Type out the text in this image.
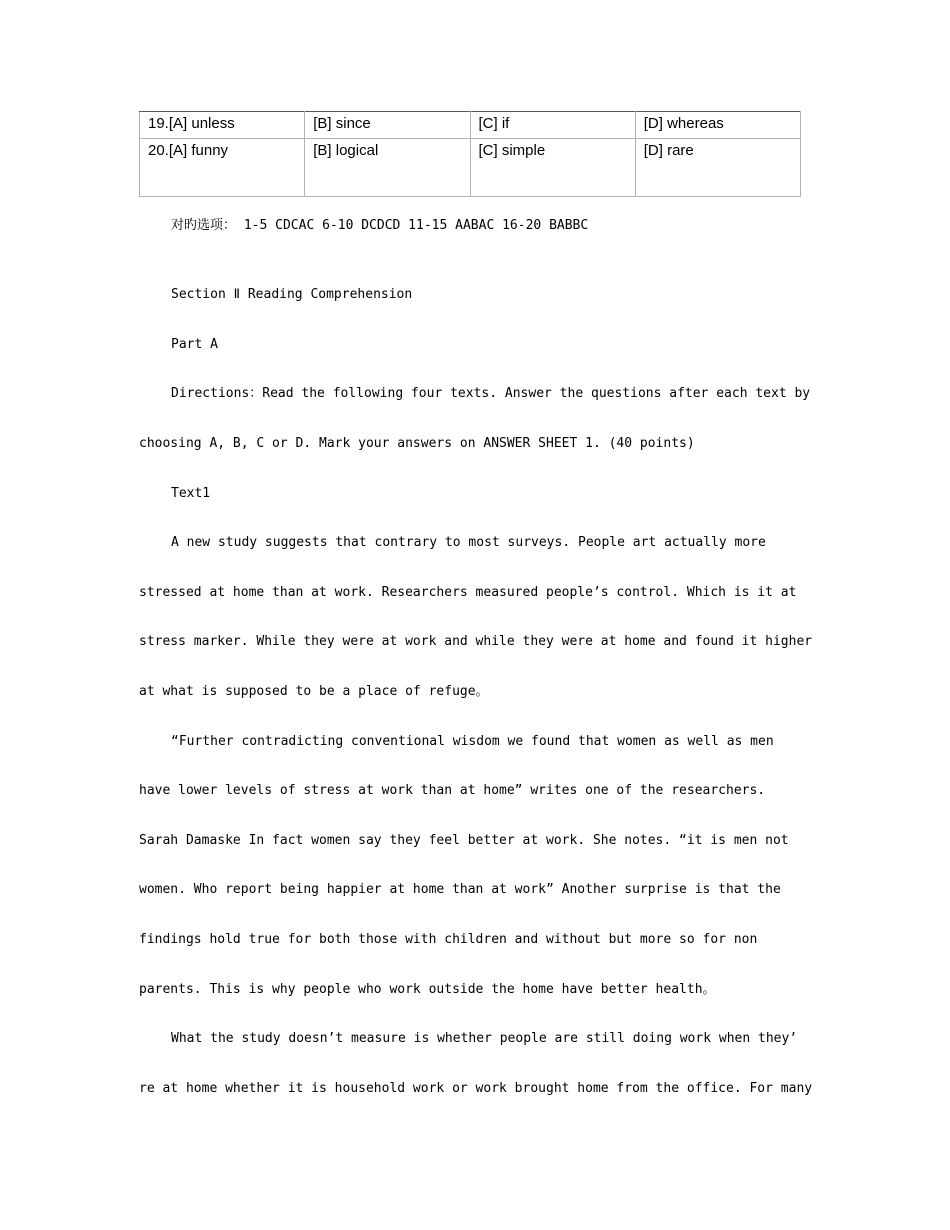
19.[A] unless	[B] since	[C] if	[D] whereas
20.[A] funny	[B] logical	[C] simple	[D] rare

对旳选项： 1-5 CDCAC 6-10 DCDCD 11-15 AABAC 16-20 BABBC

Section Ⅱ Reading Comprehension

Part A

Directions：Read the following four texts. Answer the questions after each text by

choosing A, B, C or D. Mark your answers on ANSWER SHEET 1. (40 points)

Text1

A new study suggests that contrary to most surveys. People art actually more

stressed at home than at work. Researchers measured people’s control. Which is it at

stress marker. While they were at work and while they were at home and found it higher

at what is supposed to be a place of refuge。

“Further contradicting conventional wisdom we found that women as well as men

have lower levels of stress at work than at home” writes one of the researchers.

Sarah Damaske In fact women say they feel better at work. She notes. “it is men not

women. Who report being happier at home than at work” Another surprise is that the

findings hold true for both those with children and without but more so for non

parents. This is why people who work outside the home have better health。

What the study doesn’t measure is whether people are still doing work when they’

re at home whether it is household work or work brought home from the office. For many
